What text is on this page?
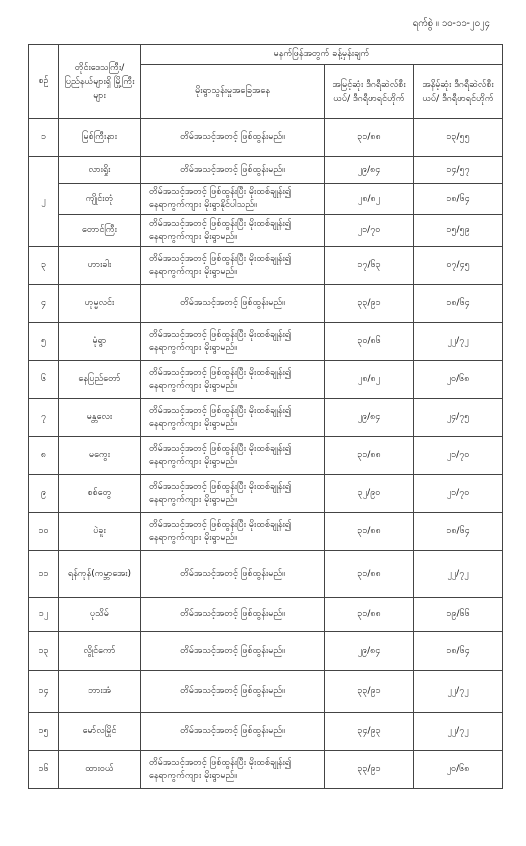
ရက်စွဲ ။ ၁၀-၁၁-၂၀၂၄
စဉ်	တိုင်းဒေသကြီး/ ပြည်နယ်များရှိ မြို့ကြီးများ	မနက်ဖြန်အတွက် ခန့်မှန်းချက်		
		မိုးရွာသွန်းမှုအခြေအနေ	အမြင့်ဆုံး ဒီဂရီဆဲလ်စီးယပ်/ ဒီဂရီဖာရင်ဟိုက်	အနိမ့်ဆုံး ဒီဂရီဆဲလ်စီးယပ်/ ဒီဂရီဖာရင်ဟိုက်
၁	မြစ်ကြီးနား	တိမ်အသင့်အတင့် ဖြစ်ထွန်းမည်။	၃၁/၈၈	၁၃/၅၅
၂	လားရှိုး	တိမ်အသင့်အတင့် ဖြစ်ထွန်းမည်။	၂၉/၈၄	၁၄/၅၇
	ကျိုင်းတုံ	တိမ်အသင့်အတင့် ဖြစ်ထွန်းပြီး မိုးထစ်ချုန်း၍
နေရာကွက်ကျား မိုးရွာနိုင်ပါသည်။	၂၈/၈၂	၁၈/၆၄
	တောင်ကြီး	တိမ်အသင့်အတင့် ဖြစ်ထွန်းပြီး မိုးထစ်ချုန်း၍
နေရာကွက်ကျား မိုးရွာမည်။	၂၁/၇၀	၁၅/၅၉
၃	ဟားခါး	တိမ်အသင့်အတင့် ဖြစ်ထွန်းပြီး မိုးထစ်ချုန်း၍
နေရာကွက်ကျား မိုးရွာမည်။	၁၇/၆၃	၀၇/၄၅
၄	ဟုမ္မလင်း	တိမ်အသင့်အတင့် ဖြစ်ထွန်းမည်။	၃၃/၉၁	၁၈/၆၄
၅	မုံရွာ	တိမ်အသင့်အတင့် ဖြစ်ထွန်းပြီး မိုးထစ်ချုန်း၍
နေရာကွက်ကျား မိုးရွာမည်။	၃၀/၈၆	၂၂/၇၂
၆	နေပြည်တော်	တိမ်အသင့်အတင့် ဖြစ်ထွန်းပြီး မိုးထစ်ချုန်း၍
နေရာကွက်ကျား မိုးရွာမည်။	၂၈/၈၂	၂၀/၆၈
၇	မန္တလေး	တိမ်အသင့်အတင့် ဖြစ်ထွန်းပြီး မိုးထစ်ချုန်း၍
နေရာကွက်ကျား မိုးရွာမည်။	၂၉/၈၄	၂၄/၇၅
၈	မကွေး	တိမ်အသင့်အတင့် ဖြစ်ထွန်းပြီး မိုးထစ်ချုန်း၍
နေရာကွက်ကျား မိုးရွာမည်။	၃၁/၈၈	၂၁/၇၀
၉	စစ်တွေ	တိမ်အသင့်အတင့် ဖြစ်ထွန်းပြီး မိုးထစ်ချုန်း၍
နေရာကွက်ကျား မိုးရွာမည်။	၃၂/၉၀	၂၁/၇၀
၁၀	ပဲခူး	တိမ်အသင့်အတင့် ဖြစ်ထွန်းပြီး မိုးထစ်ချုန်း၍
နေရာကွက်ကျား မိုးရွာမည်။	၃၁/၈၈	၁၈/၆၄
၁၁	ရန်ကုန်(ကမ္ဘာအေး)	တိမ်အသင့်အတင့် ဖြစ်ထွန်းမည်။	၃၁/၈၈	၂၂/၇၂
၁၂	ပုသိမ်	တိမ်အသင့်အတင့် ဖြစ်ထွန်းမည်။	၃၁/၈၈	၁၉/၆၆
၁၃	လွိုင်ကော်	တိမ်အသင့်အတင့် ဖြစ်ထွန်းမည်။	၂၉/၈၄	၁၈/၆၄
၁၄	ဘားအံ	တိမ်အသင့်အတင့် ဖြစ်ထွန်းမည်။	၃၃/၉၁	၂၂/၇၂
၁၅	မော်လမြိုင်	တိမ်အသင့်အတင့် ဖြစ်ထွန်းမည်။	၃၄/၉၃	၂၂/၇၂
၁၆	ထားဝယ်	တိမ်အသင့်အတင့် ဖြစ်ထွန်းပြီး မိုးထစ်ချုန်း၍
နေရာကွက်ကျား မိုးရွာမည်။	၃၃/၉၁	၂၀/၆၈
